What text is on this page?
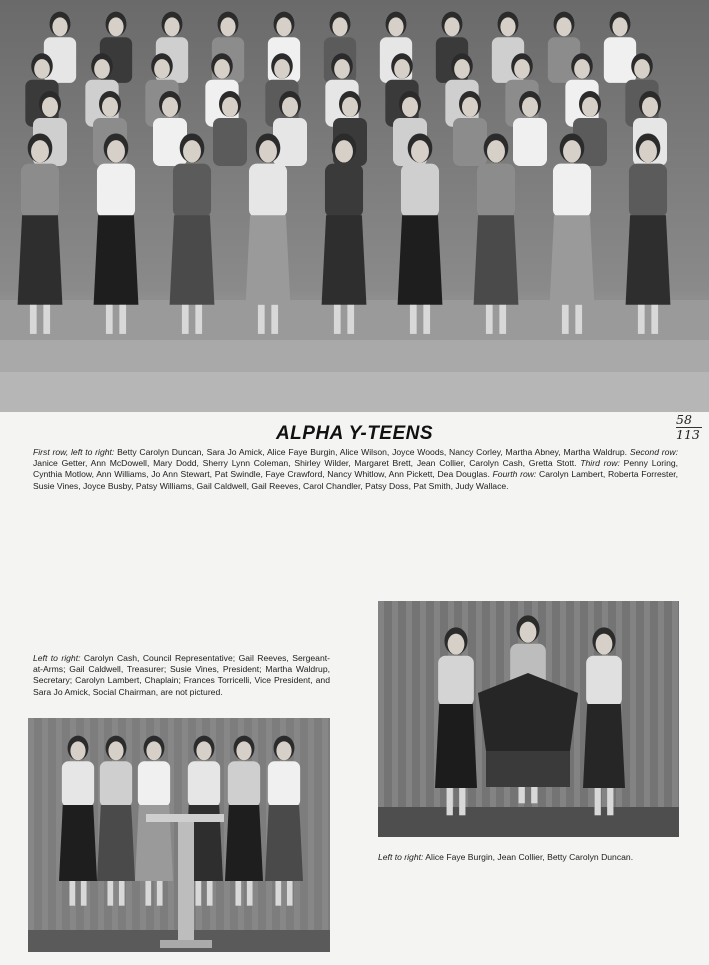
58
113
ALPHA Y-TEENS
First row, left to right: Betty Carolyn Duncan, Sara Jo Amick, Alice Faye Burgin, Alice Wilson, Joyce Woods, Nancy Corley, Martha Abney, Martha Waldrup. Second row: Janice Getter, Ann McDowell, Mary Dodd, Sherry Lynn Coleman, Shirley Wilder, Margaret Brett, Jean Collier, Carolyn Cash, Gretta Stott. Third row: Penny Loring, Cynthia Motlow, Ann Williams, Jo Ann Stewart, Pat Swindle, Faye Crawford, Nancy Whitlow, Ann Pickett, Dea Douglas. Fourth row: Carolyn Lambert, Roberta Forrester, Susie Vines, Joyce Busby, Patsy Williams, Gail Caldwell, Gail Reeves, Carol Chandler, Patsy Doss, Pat Smith, Judy Wallace.
Left to right: Carolyn Cash, Council Representative; Gail Reeves, Sergeant-at-Arms; Gail Caldwell, Treasurer; Susie Vines, President; Martha Waldrup, Secretary; Carolyn Lambert, Chaplain; Frances Torricelli, Vice President, and Sara Jo Amick, Social Chairman, are not pictured.
Left to right: Alice Faye Burgin, Jean Collier, Betty Carolyn Duncan.
